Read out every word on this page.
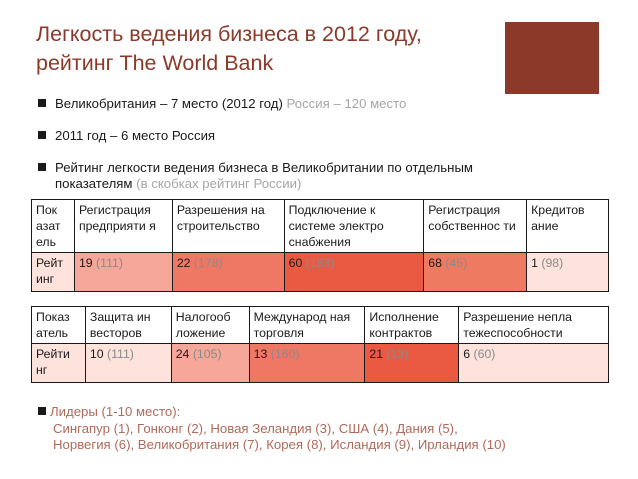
Легкость ведения бизнеса в 2012 году,
рейтинг The World Bank
Великобритания – 7 место (2012 год) Россия – 120 место
2011 год – 6 место Россия
Рейтинг легкости ведения бизнеса в Великобритании по отдельным
показателям (в скобках рейтинг России)
Пок азат ель	Регистрация предприяти я	Разрешения на строительство	Подключение к системе электро снабжения	Регистрация собственнос ти	Кредитов ание
Рейт инг	19 (111)	22 (178)	60 (183)	68 (45)	1 (98)
Показ атель	Защита ин весторов	Налогооб ложение	Международ ная торговля	Исполнение контрактов	Разрешение непла тежеспособности
Рейти нг	10 (111)	24 (105)	13 (160)	21 (13)	6 (60)
Лидеры (1-10 место):
Сингапур (1), Гонконг (2), Новая Зеландия (3), США (4), Дания (5),
Норвегия (6), Великобритания (7), Корея (8), Исландия (9), Ирландия (10)
